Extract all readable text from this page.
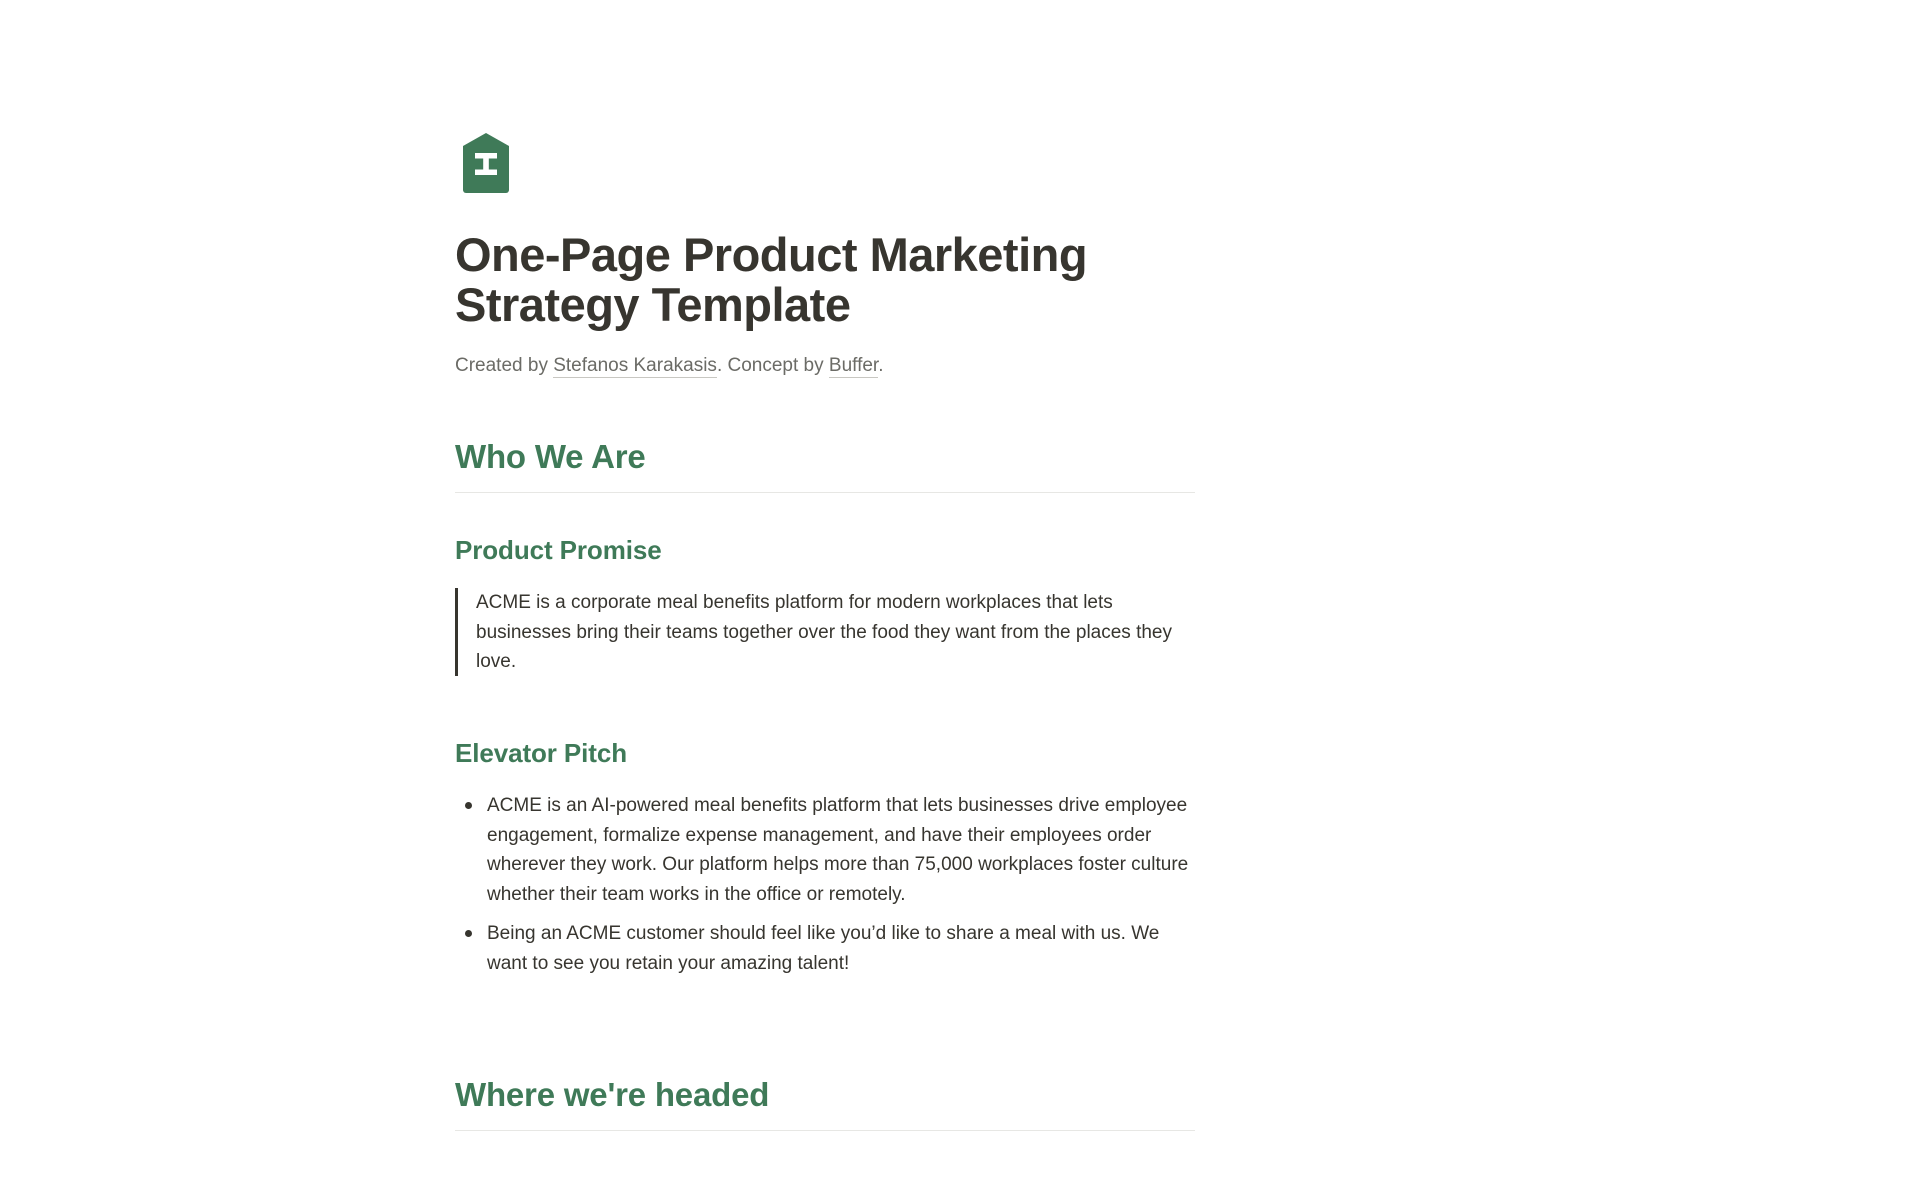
One-Page Product Marketing Strategy Template

Created by Stefanos Karakasis. Concept by Buffer.

Who We Are
Product Promise
ACME is a corporate meal benefits platform for modern workplaces that lets businesses bring their teams together over the food they want from the places they love.
Elevator Pitch
ACME is an AI-powered meal benefits platform that lets businesses drive employee engagement, formalize expense management, and have their employees order wherever they work. Our platform helps more than 75,000 workplaces foster culture whether their team works in the office or remotely.
Being an ACME customer should feel like you’d like to share a meal with us. We want to see you retain your amazing talent!
Where we're headed
